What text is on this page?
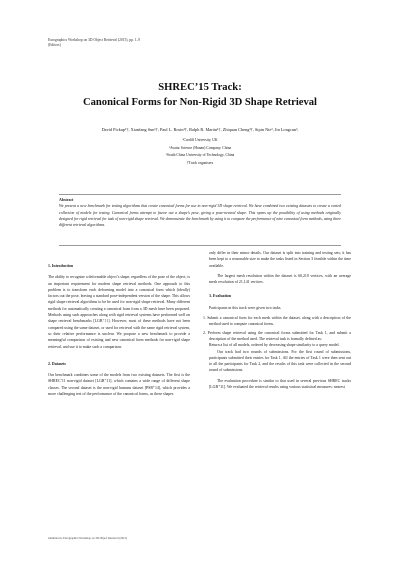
Eurographics Workshop on 3D Object Retrieval (2015), pp. 1–9
(Editors)
SHREC’15 Track:
Canonical Forms for Non-Rigid 3D Shape Retrieval
David Pickup¹†, Xianfang Sun¹†, Paul L. Rosin¹†, Ralph R. Martin¹†, Zhiquan Cheng²†, Sipin Nie³, Jin Longcun³,
¹Cardiff University, UK
²Avatar Science (Hunan) Company, China
³South China University of Technology, China
†Track organisers
Abstract

We present a new benchmark for testing algorithms that create canonical forms for use in non-rigid 3D shape retrieval. We have combined two existing datasets to create a varied collection of models for testing. Canonical forms attempt to factor out a shape’s pose, giving a pose-neutral shape. This opens up the possibility of using methods originally designed for rigid retrieval for task of non-rigid shape retrieval. We demonstrate the benchmark by using it to compare the performance of nine canonical form methods, using three different retrieval algorithms.

1. Introduction

The ability to recognise a deformable object’s shape, regardless of the pose of the object, is an important requirement for modern shape retrieval methods. One approach to this problem is to transform each deforming model into a canonical form which (ideally) factors out the pose, leaving a standard pose-independent version of the shape. This allows rigid shape retrieval algorithms to be be used for non-rigid shape retrieval. Many different methods for automatically creating a canonical form from a 3D mesh have been proposed. Methods using such approaches along with rigid retrieval systems have performed well on shape retrieval benchmarks [LGB⁺11]. However, most of these methods have not been compared using the same dataset, or used for retrieval with the same rigid retrieval system, so their relative performance is unclear. We propose a new benchmark to provide a meaningful comparison of existing and new canonical form methods for non-rigid shape retrieval, and use it to make such a comparison.

2. Datasets

Our benchmark combines some of the models from two existing datasets. The first is the SHREC’11 non-rigid dataset [LGB⁺11], which contains a wide range of different shape classes. The second dataset is the non-rigid humans dataset [PSR⁺14], which provides a more challenging test of the performance of the canonical forms, as these shapes

only differ in their minor details. Our dataset is split into training and testing sets; it has been kept to a reasonable size to make the tasks listed in Section 3 feasible within the time available.

The largest mesh resolution within the dataset is 60,210 vertices, with an average mesh resolution of 21,141 vertices.

3. Evaluation

Participants in this track were given two tasks.

1. Submit a canonical form for each mesh within the dataset, along with a description of the method used to compute canonical forms.

2. Perform shape retrieval using the canonical forms submitted for Task 1, and submit a description of the method used. The retrieval task is formally defined as:

Return a list of all models, ordered by decreasing shape similarity to a query model.

Our track had two rounds of submissions. For the first round of submissions, participants submitted their entries for Task 1. All the entries of Task 1 were then sent out to all the participants for Task 2, and the results of this task were collected in the second round of submissions.

The evaluation procedure is similar to that used in several previous SHREC tracks [LGB⁺11]. We evaluated the retrieval results using various statistical measures: nearest

submitted to Eurographics Workshop on 3D Object Retrieval (2015)
